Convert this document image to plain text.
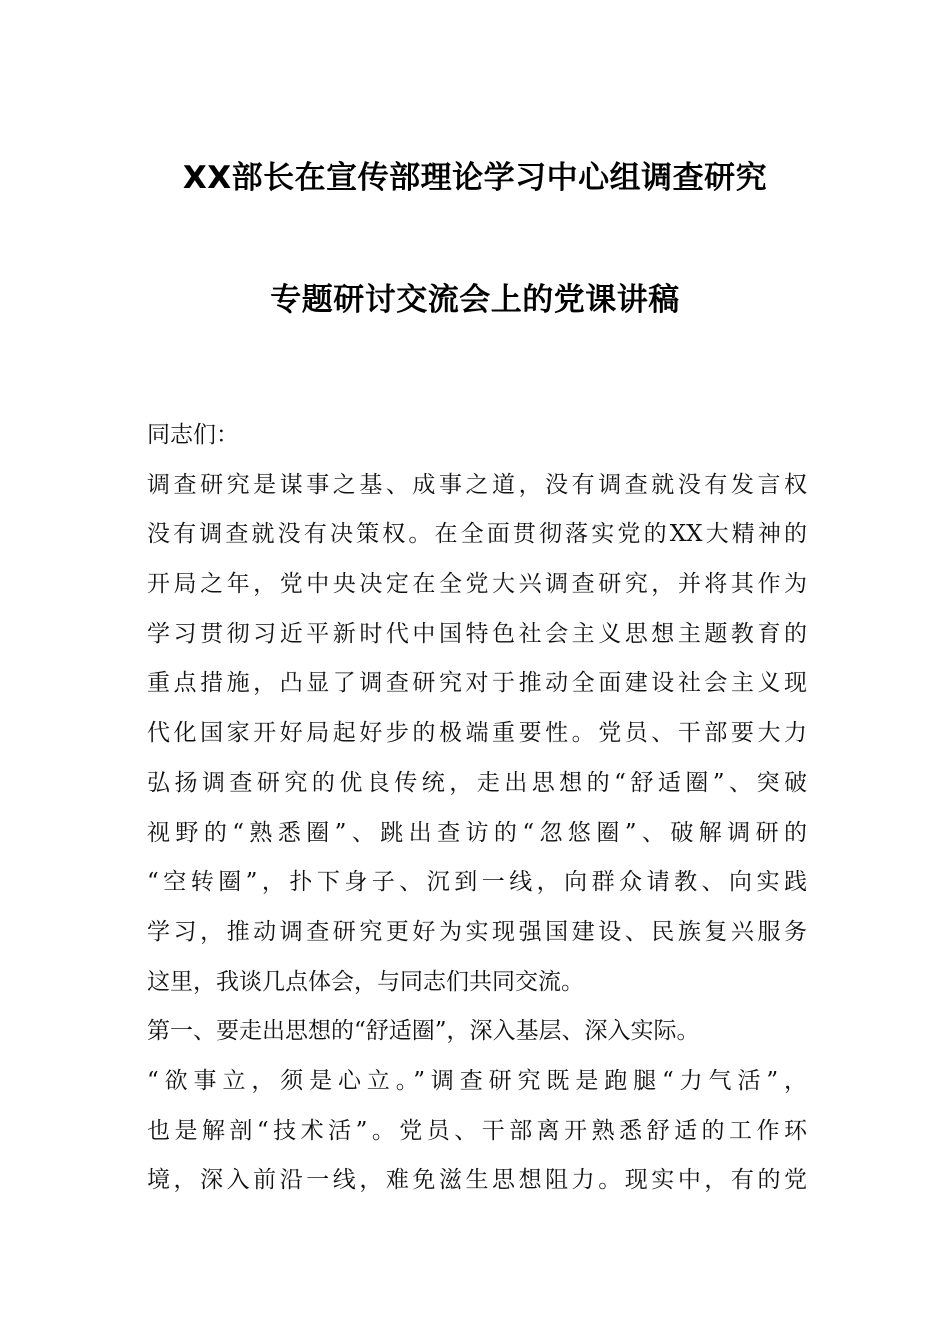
XX部长在宣传部理论学习中心组调查研究
专题研讨交流会上的党课讲稿
同志们：
调查研究是谋事之基、成事之道，没有调查就没有发言权
没有调查就没有决策权。在全面贯彻落实党的XX大精神的
开局之年，党中央决定在全党大兴调查研究，并将其作为
学习贯彻习近平新时代中国特色社会主义思想主题教育的
重点措施，凸显了调查研究对于推动全面建设社会主义现
代化国家开好局起好步的极端重要性。党员、干部要大力
弘扬调查研究的优良传统，走出思想的“舒适圈”、突破
视野的“熟悉圈”、跳出查访的“忽悠圈”、破解调研的
“空转圈”，扑下身子、沉到一线，向群众请教、向实践
学习，推动调查研究更好为实现强国建设、民族复兴服务
这里，我谈几点体会，与同志们共同交流。
第一、要走出思想的“舒适圈”，深入基层、深入实际。
“欲事立，须是心立。”调查研究既是跑腿“力气活”，
也是解剖“技术活”。党员、干部离开熟悉舒适的工作环
境，深入前沿一线，难免滋生思想阻力。现实中，有的党
